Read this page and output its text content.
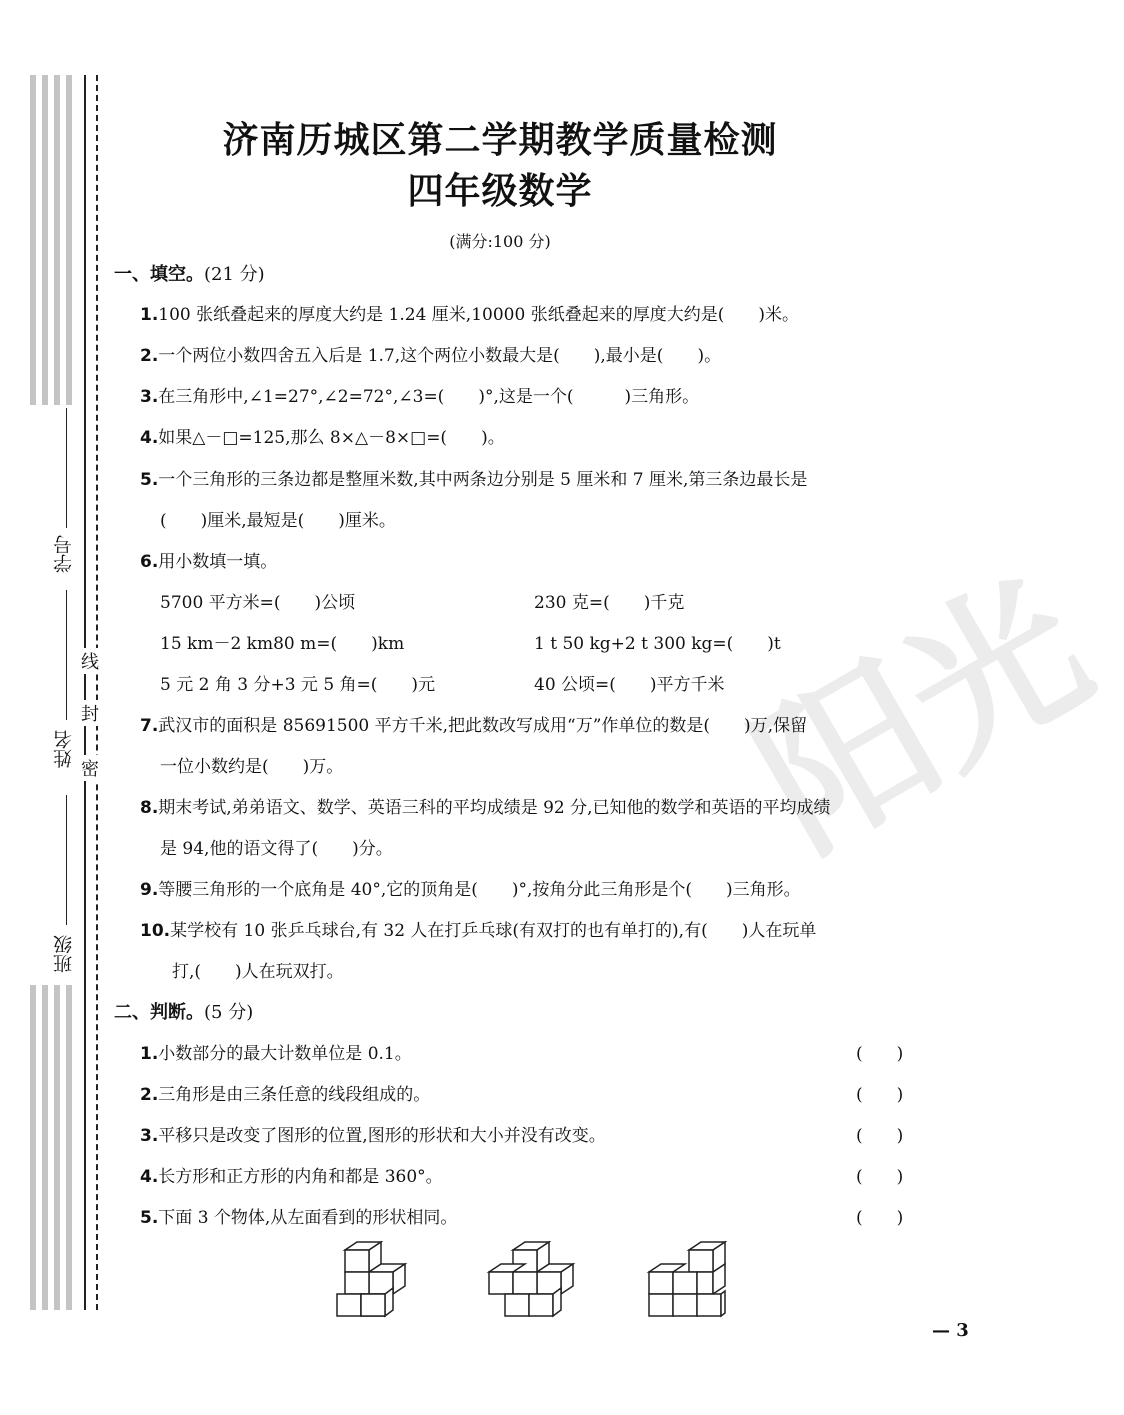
阳光
学号
姓名
班级
线
封
密
济南历城区第二学期教学质量检测
四年级数学
(满分:100 分)
一、填空。(21 分)
1.100 张纸叠起来的厚度大约是 1.24 厘米,10000 张纸叠起来的厚度大约是(　　)米。
2.一个两位小数四舍五入后是 1.7,这个两位小数最大是(　　),最小是(　　)。
3.在三角形中,∠1=27°,∠2=72°,∠3=(　　)°,这是一个(　　　)三角形。
4.如果△－□=125,那么 8×△－8×□=(　　)。
5.一个三角形的三条边都是整厘米数,其中两条边分别是 5 厘米和 7 厘米,第三条边最长是
(　　)厘米,最短是(　　)厘米。
6.用小数填一填。
5700 平方米=(　　)公顷	230 克=(　　)千克
15 km－2 km80 m=(　　)km	1 t 50 kg+2 t 300 kg=(　　)t
5 元 2 角 3 分+3 元 5 角=(　　)元	40 公顷=(　　)平方千米
7.武汉市的面积是 85691500 平方千米,把此数改写成用“万”作单位的数是(　　)万,保留
一位小数约是(　　)万。
8.期末考试,弟弟语文、数学、英语三科的平均成绩是 92 分,已知他的数学和英语的平均成绩
是 94,他的语文得了(　　)分。
9.等腰三角形的一个底角是 40°,它的顶角是(　　)°,按角分此三角形是个(　　)三角形。
10.某学校有 10 张乒乓球台,有 32 人在打乒乓球(有双打的也有单打的),有(　　)人在玩单
打,(　　)人在玩双打。
二、判断。(5 分)
1.小数部分的最大计数单位是 0.1。	(　　)
2.三角形是由三条任意的线段组成的。	(　　)
3.平移只是改变了图形的位置,图形的形状和大小并没有改变。	(　　)
4.长方形和正方形的内角和都是 360°。	(　　)
5.下面 3 个物体,从左面看到的形状相同。	(　　)
— 3
